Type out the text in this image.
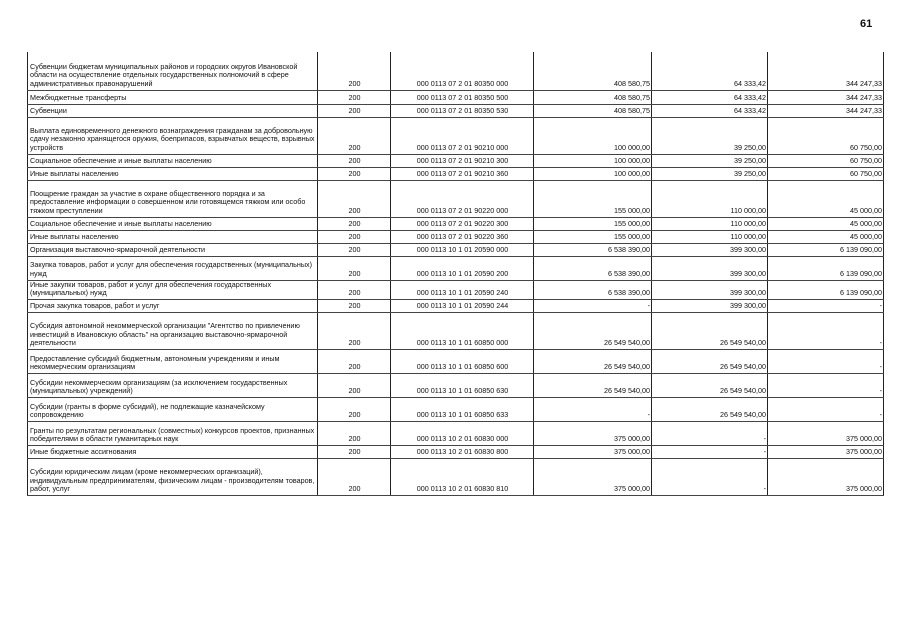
61
Субвенции бюджетам муниципальных районов и городских округов Ивановской области на осуществление отдельных государственных полномочий в сфере административных правонарушений	200	000 0113 07 2 01 80350 000	408 580,75	64 333,42	344 247,33
Межбюджетные трансферты	200	000 0113 07 2 01 80350 500	408 580,75	64 333,42	344 247,33
Субвенции	200	000 0113 07 2 01 80350 530	408 580,75	64 333,42	344 247,33
Выплата единовременного денежного вознаграждения гражданам за добровольную сдачу незаконно хранящегося оружия, боеприпасов, взрывчатых веществ, взрывных устройств	200	000 0113 07 2 01 90210 000	100 000,00	39 250,00	60 750,00
Социальное обеспечение и иные выплаты населению	200	000 0113 07 2 01 90210 300	100 000,00	39 250,00	60 750,00
Иные выплаты населению	200	000 0113 07 2 01 90210 360	100 000,00	39 250,00	60 750,00
Поощрение граждан за участие в охране общественного порядка и за предоставление информации о совершенном или готовящемся тяжком или особо тяжком преступлении	200	000 0113 07 2 01 90220 000	155 000,00	110 000,00	45 000,00
Социальное обеспечение и иные выплаты населению	200	000 0113 07 2 01 90220 300	155 000,00	110 000,00	45 000,00
Иные выплаты населению	200	000 0113 07 2 01 90220 360	155 000,00	110 000,00	45 000,00
Организация выставочно-ярмарочной деятельности	200	000 0113 10 1 01 20590 000	6 538 390,00	399 300,00	6 139 090,00
Закупка товаров, работ и услуг для обеспечения государственных (муниципальных) нужд	200	000 0113 10 1 01 20590 200	6 538 390,00	399 300,00	6 139 090,00
Иные закупки товаров, работ и услуг для обеспечения государственных (муниципальных) нужд	200	000 0113 10 1 01 20590 240	6 538 390,00	399 300,00	6 139 090,00
Прочая закупка товаров, работ и услуг	200	000 0113 10 1 01 20590 244	-	399 300,00	-
Субсидия автономной некоммерческой организации "Агентство по привлечению инвестиций в Ивановскую область" на организацию выставочно-ярмарочной деятельности	200	000 0113 10 1 01 60850 000	26 549 540,00	26 549 540,00	-
Предоставление субсидий бюджетным, автономным учреждениям и иным некоммерческим организациям	200	000 0113 10 1 01 60850 600	26 549 540,00	26 549 540,00	-
Субсидии некоммерческим организациям (за исключением государственных (муниципальных) учреждений)	200	000 0113 10 1 01 60850 630	26 549 540,00	26 549 540,00	-
Субсидии (гранты в форме субсидий), не подлежащие казначейскому сопровождению	200	000 0113 10 1 01 60850 633	-	26 549 540,00	-
Гранты по результатам региональных (совместных) конкурсов проектов, признанных победителями в области гуманитарных наук	200	000 0113 10 2 01 60830 000	375 000,00	-	375 000,00
Иные бюджетные ассигнования	200	000 0113 10 2 01 60830 800	375 000,00	-	375 000,00
Субсидии юридическим лицам (кроме некоммерческих организаций), индивидуальным предпринимателям, физическим лицам - производителям товаров, работ, услуг	200	000 0113 10 2 01 60830 810	375 000,00	-	375 000,00
